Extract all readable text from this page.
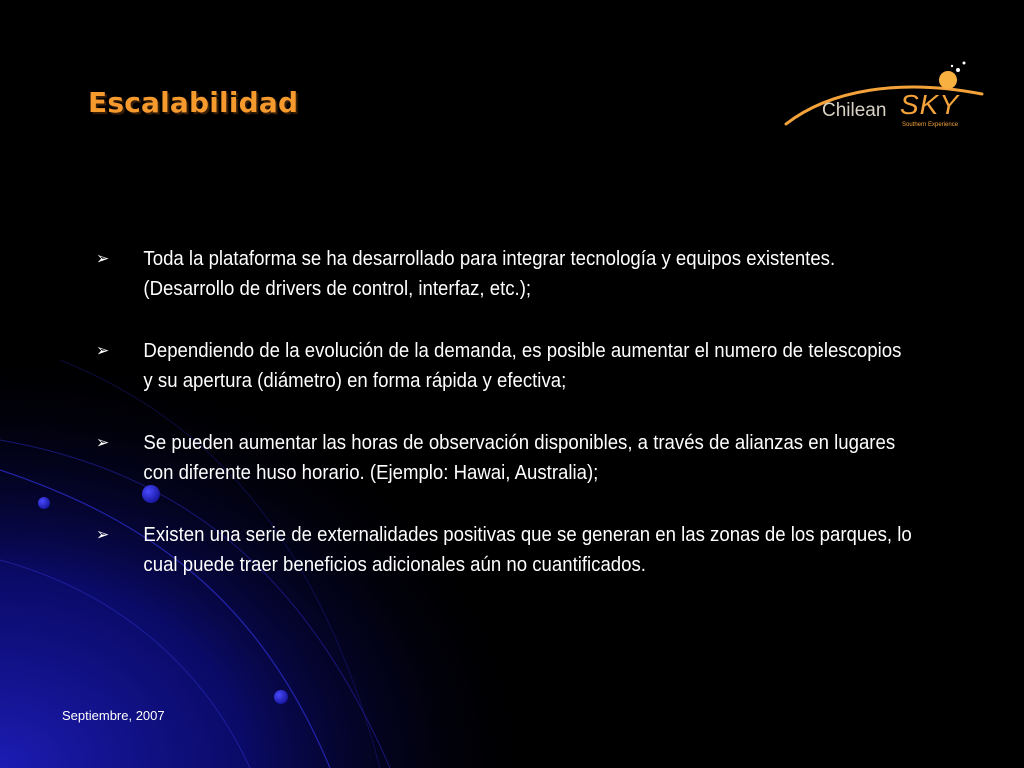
Escalabilidad	Chilean SKY
Southern Experience
➢ Toda la plataforma se ha desarrollado para integrar tecnología y equipos existentes. (Desarrollo de drivers de control, interfaz, etc.);
➢ Dependiendo de la evolución de la demanda, es posible aumentar el numero de telescopios y su apertura (diámetro) en forma rápida y efectiva;
➢ Se pueden aumentar las horas de observación disponibles, a través de alianzas en lugares con diferente huso horario. (Ejemplo: Hawai, Australia);
➢ Existen una serie de externalidades positivas que se generan en las zonas de los parques, lo cual puede traer beneficios adicionales aún no cuantificados.
Septiembre, 2007
